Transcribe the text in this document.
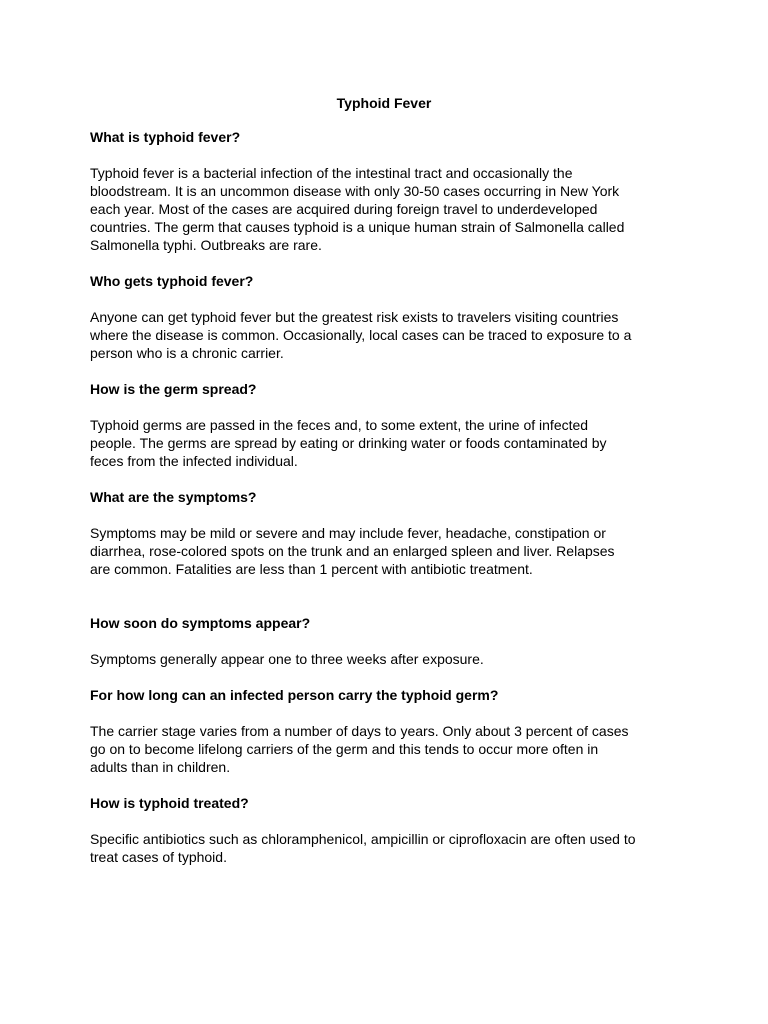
Typhoid Fever
What is typhoid fever?

Typhoid fever is a bacterial infection of the intestinal tract and occasionally the
bloodstream. It is an uncommon disease with only 30-50 cases occurring in New York
each year. Most of the cases are acquired during foreign travel to underdeveloped
countries. The germ that causes typhoid is a unique human strain of Salmonella called
Salmonella typhi. Outbreaks are rare.

Who gets typhoid fever?

Anyone can get typhoid fever but the greatest risk exists to travelers visiting countries
where the disease is common. Occasionally, local cases can be traced to exposure to a
person who is a chronic carrier.

How is the germ spread?

Typhoid germs are passed in the feces and, to some extent, the urine of infected
people. The germs are spread by eating or drinking water or foods contaminated by
feces from the infected individual.

What are the symptoms?

Symptoms may be mild or severe and may include fever, headache, constipation or
diarrhea, rose-colored spots on the trunk and an enlarged spleen and liver. Relapses
are common. Fatalities are less than 1 percent with antibiotic treatment.

How soon do symptoms appear?

Symptoms generally appear one to three weeks after exposure.

For how long can an infected person carry the typhoid germ?

The carrier stage varies from a number of days to years. Only about 3 percent of cases
go on to become lifelong carriers of the germ and this tends to occur more often in
adults than in children.

How is typhoid treated?

Specific antibiotics such as chloramphenicol, ampicillin or ciprofloxacin are often used to
treat cases of typhoid.
